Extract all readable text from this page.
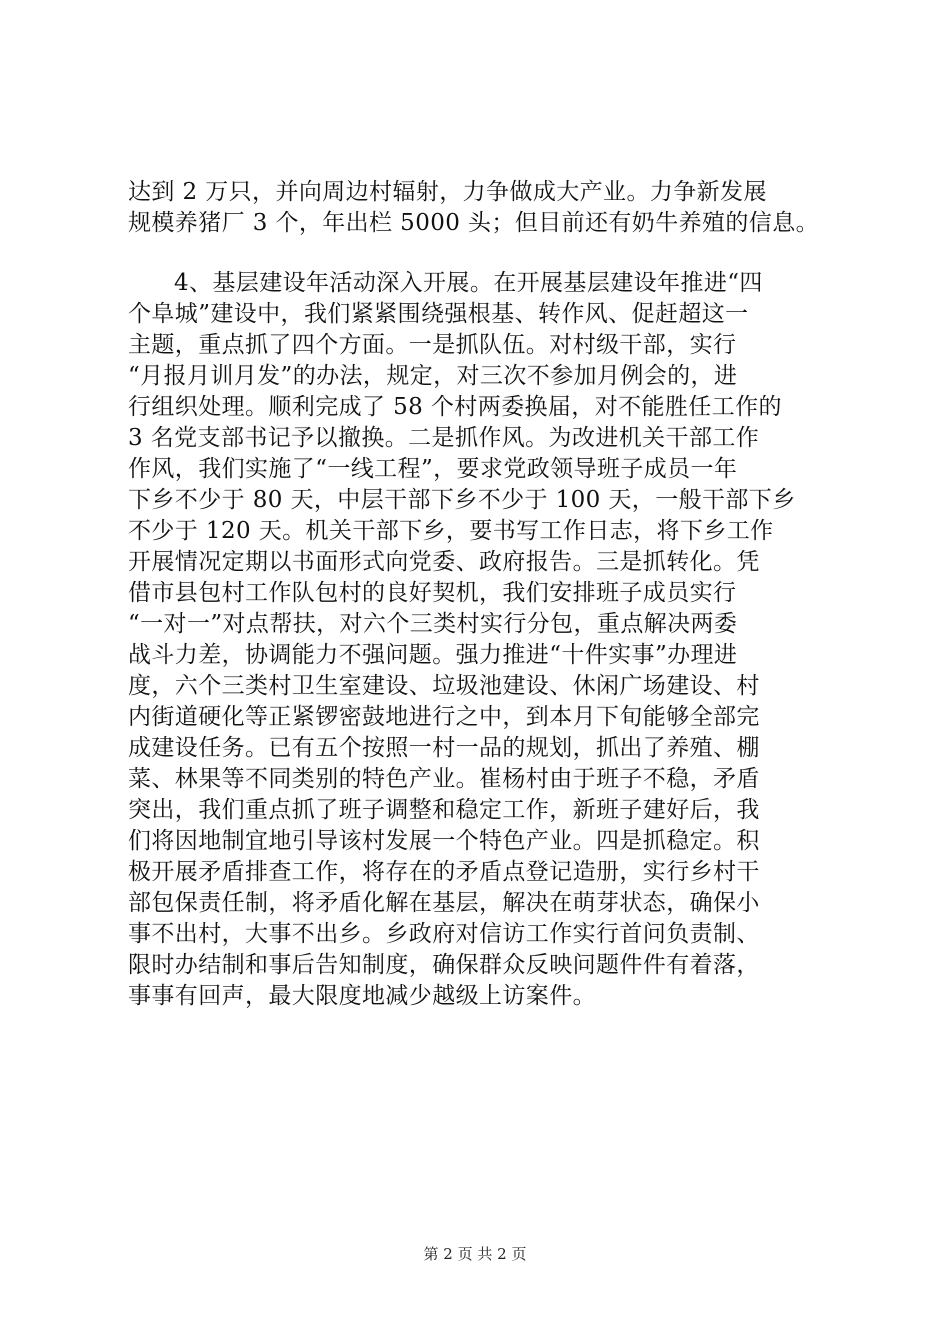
达到 2 万只，并向周边村辐射，力争做成大产业。力争新发展
规模养猪厂 3 个，年出栏 5000 头；但目前还有奶牛养殖的信息。
4、基层建设年活动深入开展。在开展基层建设年推进“四
个阜城”建设中，我们紧紧围绕强根基、转作风、促赶超这一
主题，重点抓了四个方面。一是抓队伍。对村级干部，实行
“月报月训月发”的办法，规定，对三次不参加月例会的，进
行组织处理。顺利完成了 58 个村两委换届，对不能胜任工作的
3 名党支部书记予以撤换。二是抓作风。为改进机关干部工作
作风，我们实施了“一线工程”，要求党政领导班子成员一年
下乡不少于 80 天，中层干部下乡不少于 100 天，一般干部下乡
不少于 120 天。机关干部下乡，要书写工作日志，将下乡工作
开展情况定期以书面形式向党委、政府报告。三是抓转化。凭
借市县包村工作队包村的良好契机，我们安排班子成员实行
“一对一”对点帮扶，对六个三类村实行分包，重点解决两委
战斗力差，协调能力不强问题。强力推进“十件实事”办理进
度，六个三类村卫生室建设、垃圾池建设、休闲广场建设、村
内街道硬化等正紧锣密鼓地进行之中，到本月下旬能够全部完
成建设任务。已有五个按照一村一品的规划，抓出了养殖、棚
菜、林果等不同类别的特色产业。崔杨村由于班子不稳，矛盾
突出，我们重点抓了班子调整和稳定工作，新班子建好后，我
们将因地制宜地引导该村发展一个特色产业。四是抓稳定。积
极开展矛盾排查工作，将存在的矛盾点登记造册，实行乡村干
部包保责任制，将矛盾化解在基层，解决在萌芽状态，确保小
事不出村，大事不出乡。乡政府对信访工作实行首问负责制、
限时办结制和事后告知制度，确保群众反映问题件件有着落，
事事有回声，最大限度地减少越级上访案件。
第 2 页 共 2 页
